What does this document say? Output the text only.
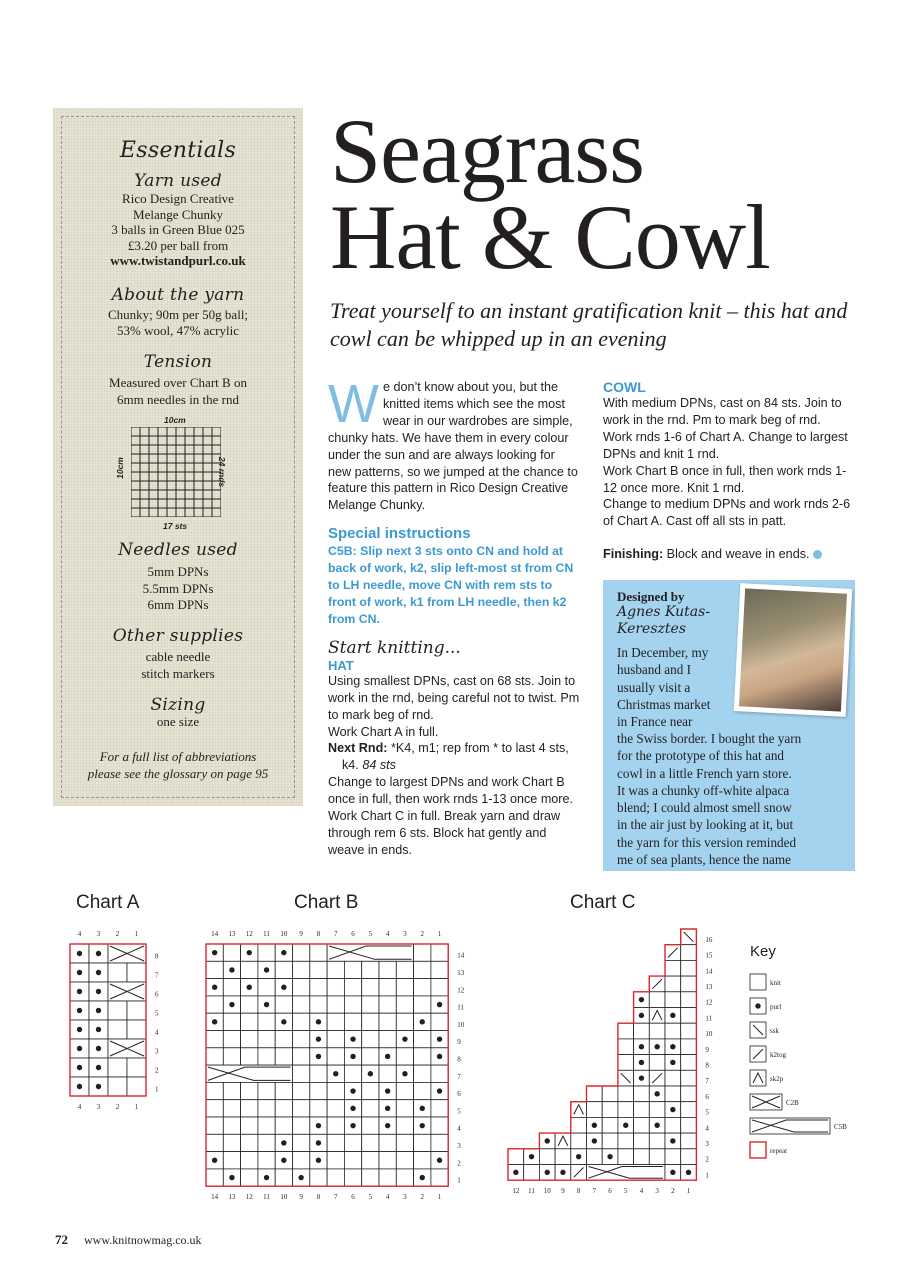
Essentials
Yarn used
Rico Design Creative
Melange Chunky
3 balls in Green Blue 025
£3.20 per ball from
www.twistandpurl.co.uk
About the yarn
Chunky; 90m per 50g ball;
53% wool, 47% acrylic
Tension
Measured over Chart B on
6mm needles in the rnd
10cm
10cm	24 rnds
17 sts
Needles used
5mm DPNs
5.5mm DPNs
6mm DPNs
Other supplies
cable needle
stitch markers
Sizing
one size
For a full list of abbreviations
please see the glossary on page 95
Seagrass
Hat & Cowl
Treat yourself to an instant gratification knit – this hat and cowl can be whipped up in an evening

We don’t know about you, but the knitted items which see the most wear in our wardrobes are simple, chunky hats. We have them in every colour under the sun and are always looking for new patterns, so we jumped at the chance to feature this pattern in Rico Design Creative Melange Chunky.

Special instructions

C5B: Slip next 3 sts onto CN and hold at back of work, k2, slip left-most st from CN to LH needle, move CN with rem sts to front of work, k1 from LH needle, then k2 from CN.

Start knitting...
HAT

Using smallest DPNs, cast on 68 sts. Join to work in the rnd, being careful not to twist. Pm to mark beg of rnd.

Work Chart A in full.

Next Rnd: *K4, m1; rep from * to last 4 sts, k4. 84 sts

Change to largest DPNs and work Chart B once in full, then work rnds 1-13 once more. Work Chart C in full. Break yarn and draw through rem 6 sts. Block hat gently and weave in ends.

COWL

With medium DPNs, cast on 84 sts. Join to work in the rnd. Pm to mark beg of rnd.

Work rnds 1-6 of Chart A. Change to largest DPNs and knit 1 rnd.

Work Chart B once in full, then work rnds 1-12 once more. Knit 1 rnd.

Change to medium DPNs and work rnds 2-6 of Chart A. Cast off all sts in patt.

Finishing: Block and weave in ends.

Designed by
Agnes Kutas-Keresztes
In December, my
husband and I
usually visit a
Christmas market
in France near
the Swiss border. I bought the yarn
for the prototype of this hat and
cowl in a little French yarn store.
It was a chunky off-white alpaca
blend; I could almost smell snow
in the air just by looking at it, but
the yarn for this version reminded
me of sea plants, hence the name
Chart A	Chart B	Chart C
Key
4
4
3
3
2
2
1
1
8
7
6
5
4
3
2
1
14
14
13
13
12
12
11
11
10
10
9
9
8
8
7
7
6
6
5
5
4
4
3
3
2
2
1
1
14
13
12
11
10
9
8
7
6
5
4
3
2
1
12 11 10 9 8 7 6 5 4 3 2 1
16
15
14
13
12
11
10
9
8
7
6
5
4
3
2
1
knit
purl
ssk
k2tog
sk2p
C2B
C5B
repeat
72 www.knitnowmag.co.uk
